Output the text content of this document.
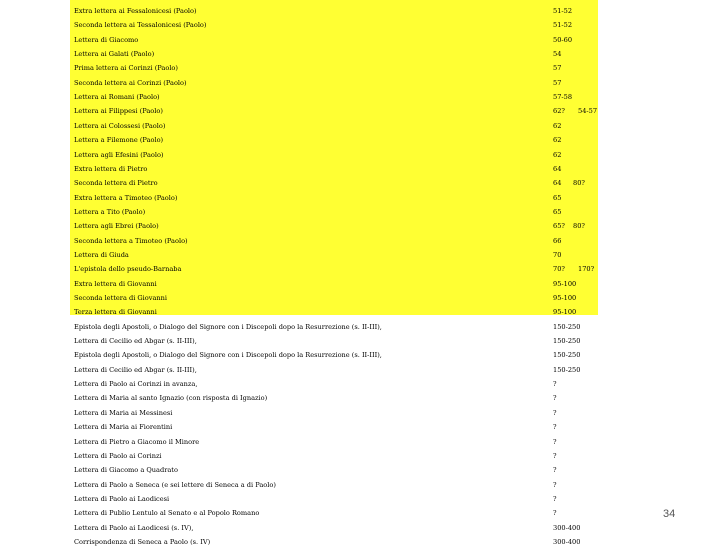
Extra lettera ai Fessalonicesi (Paolo)	51-52
Seconda lettera ai Tessalonicesi (Paolo)	51-52
Lettera di Giacomo	50-60
Lettera ai Galati (Paolo)	54
Prima lettera ai Corinzi (Paolo)	57
Seconda lettera ai Corinzi (Paolo)	57
Lettera ai Romani (Paolo)	57-58
Lettera ai Filippesi (Paolo)	62? 54-57
Lettera ai Colossesi (Paolo)	62
Lettera a Filemone (Paolo)	62
Lettera agli Efesini (Paolo)	62
Extra lettera di Pietro	64
Seconda lettera di Pietro	64 80?
Extra lettera a Timoteo (Paolo)	65
Lettera a Tito (Paolo)	65
Lettera agli Ebrei (Paolo)	65? 80?
Seconda lettera a Timoteo (Paolo)	66
Lettera di Giuda	70
L'epistola dello pseudo-Barnaba	70? 170?
Extra lettera di Giovanni	95-100
Seconda lettera di Giovanni	95-100
Terza lettera di Giovanni	95-100
Epistola degli Apostoli, o Dialogo del Signore con i Discepoli dopo la Resurrezione (s. II-III),	150-250
Lettera di Cecilio ed Abgar (s. II-III),	150-250
Epistola degli Apostoli, o Dialogo del Signore con i Discepoli dopo la Resurrezione (s. II-III),	150-250
Lettera di Cecilio ed Abgar (s. II-III),	150-250
Lettera di Paolo ai Corinzi in avanza,	?
Lettera di Maria al santo Ignazio (con risposta di Ignazio)	?
Lettera di Maria ai Messinesi	?
Lettera di Maria ai Fiorentini	?
Lettera di Pietro a Giacomo il Minore	?
Lettera di Paolo ai Corinzi	?
Lettera di Giacomo a Quadrato	?
Lettera di Paolo a Seneca (e sei lettere di Seneca a di Paolo)	?
Lettera di Paolo ai Laodicesi	?
Lettera di Publio Lentulo al Senato e al Popolo Romano	?
Lettera di Paolo ai Laodicesi (s. IV),	300-400
Corrispondenza di Seneca a Paolo (s. IV)	300-400
34
